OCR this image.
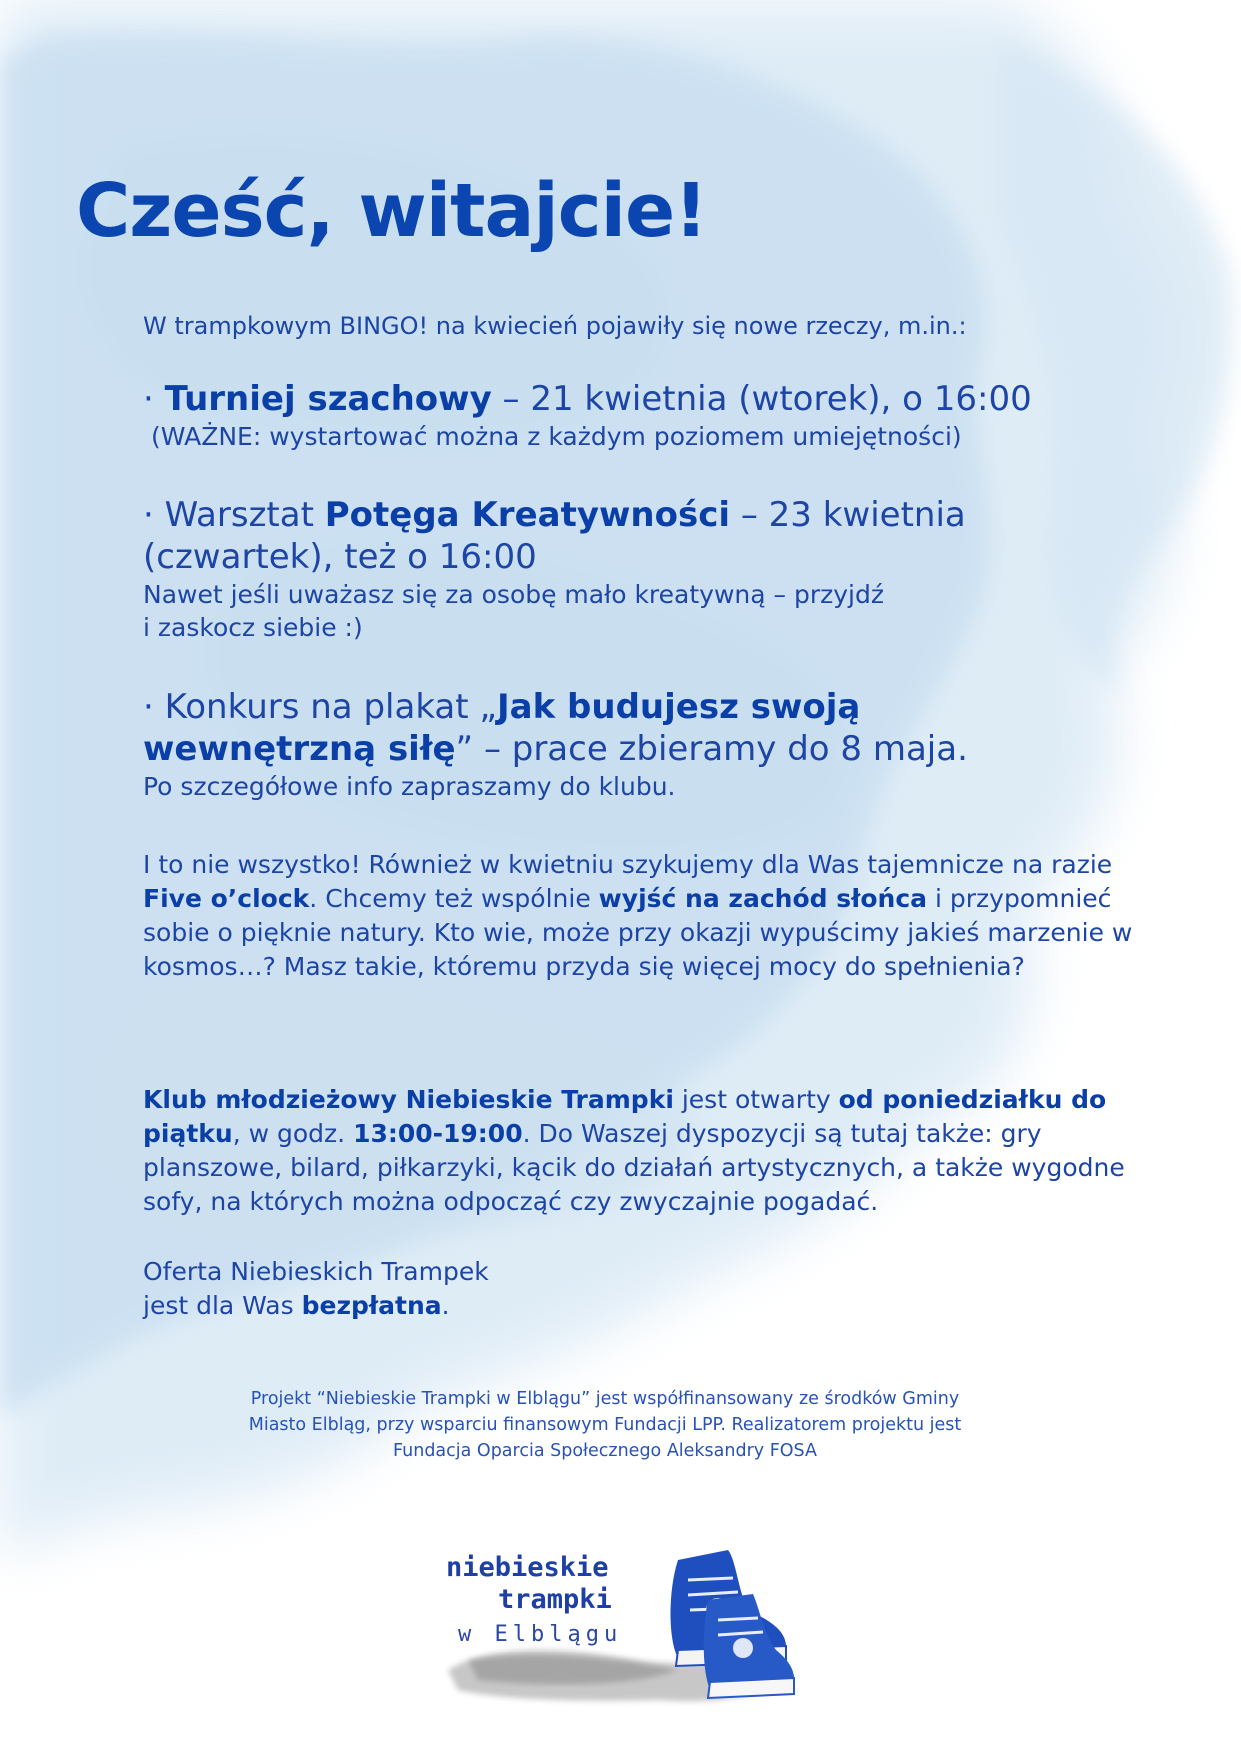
Cześć, witajcie!
W trampkowym BINGO! na kwiecień pojawiły się nowe rzeczy, m.in.:
· Turniej szachowy – 21 kwietnia (wtorek), o 16:00
(WAŻNE: wystartować można z każdym poziomem umiejętności)
· Warsztat Potęga Kreatywności – 23 kwietnia (czwartek), też o 16:00
Nawet jeśli uważasz się za osobę mało kreatywną – przyjdź
i zaskocz siebie :)
· Konkurs na plakat „Jak budujesz swoją wewnętrzną siłę” – prace zbieramy do 8 maja.
Po szczegółowe info zapraszamy do klubu.
I to nie wszystko! Również w kwietniu szykujemy dla Was tajemnicze na razie Five o’clock. Chcemy też wspólnie wyjść na zachód słońca i przypomnieć sobie o pięknie natury. Kto wie, może przy okazji wypuścimy jakieś marzenie w kosmos…? Masz takie, któremu przyda się więcej mocy do spełnienia?
Klub młodzieżowy Niebieskie Trampki jest otwarty od poniedziałku do piątku, w godz. 13:00-19:00. Do Waszej dyspozycji są tutaj także: gry planszowe, bilard, piłkarzyki, kącik do działań artystycznych, a także wygodne sofy, na których można odpocząć czy zwyczajnie pogadać.
Oferta Niebieskich Trampek
jest dla Was bezpłatna.
Projekt “Niebieskie Trampki w Elblągu” jest współfinansowany ze środków Gminy
Miasto Elbląg, przy wsparciu finansowym Fundacji LPP. Realizatorem projektu jest
Fundacja Oparcia Społecznego Aleksandry FOSA
niebieskie
trampki
w Elblągu
